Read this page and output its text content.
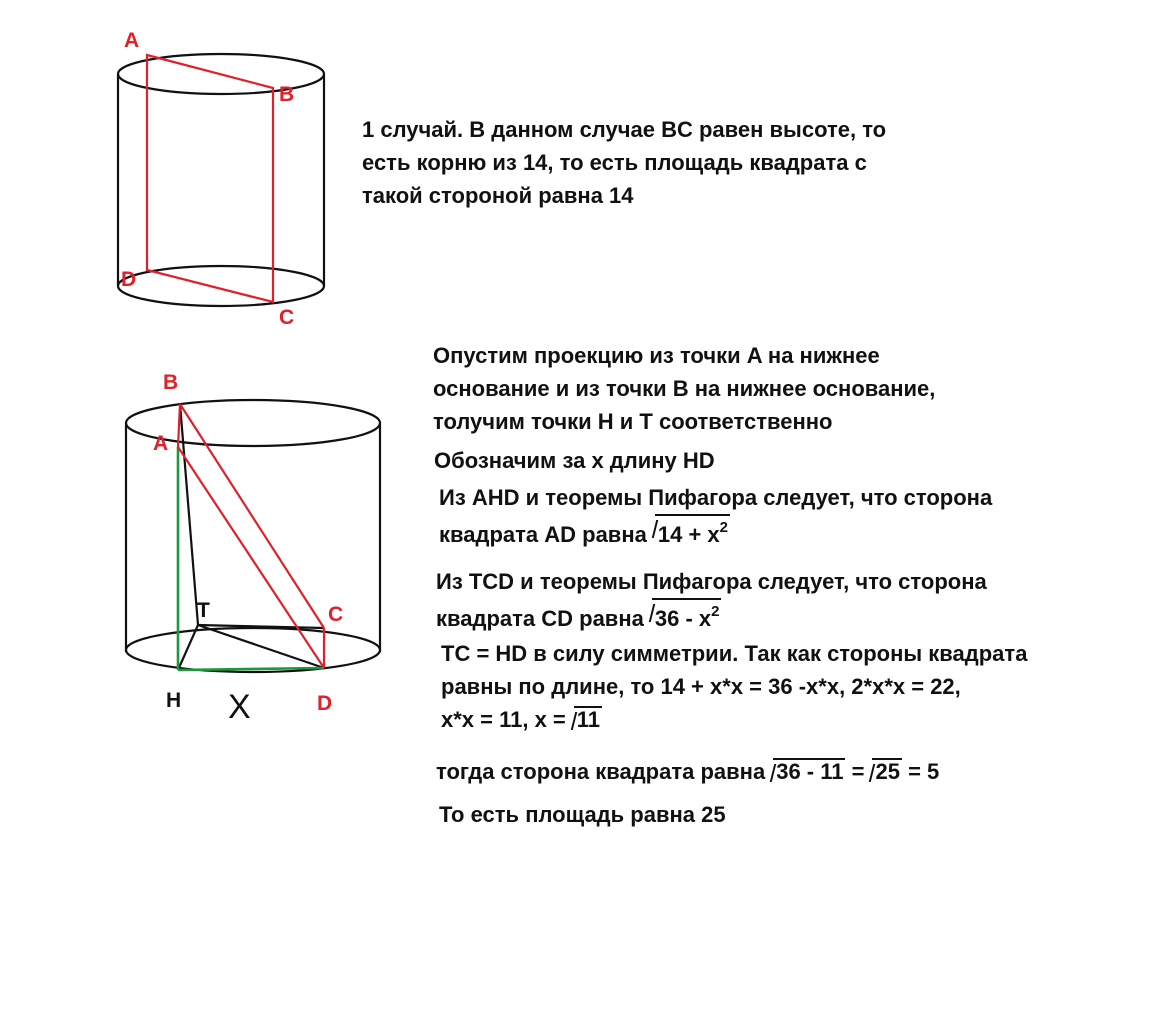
A
B
D
C
B
A
C
D
T
H X
1 случай. В данном случае BC равен высоте, то
есть корню из 14, то есть площадь квадрата с
такой стороной равна 14
Опустим проекцию из точки A на нижнее
основание и из точки B на нижнее основание,
толучим точки H и T соответственно
Обозначим за x длину HD
Из AHD и теоремы Пифагора следует, что сторона
квадрата AD равна $14 + x^2$
Из TCD и теоремы Пифагора следует, что сторона
квадрата CD равна $36 - x^2$
TC = HD в силу симметрии. Так как стороны квадрата
равны по длине, то 14 + x*x = 36 -x*x, 2*x*x = 22,
x*x = 11, x = 11
тогда сторона квадрата равна 36 - 11 = 25 = 5
То есть площадь равна 25
